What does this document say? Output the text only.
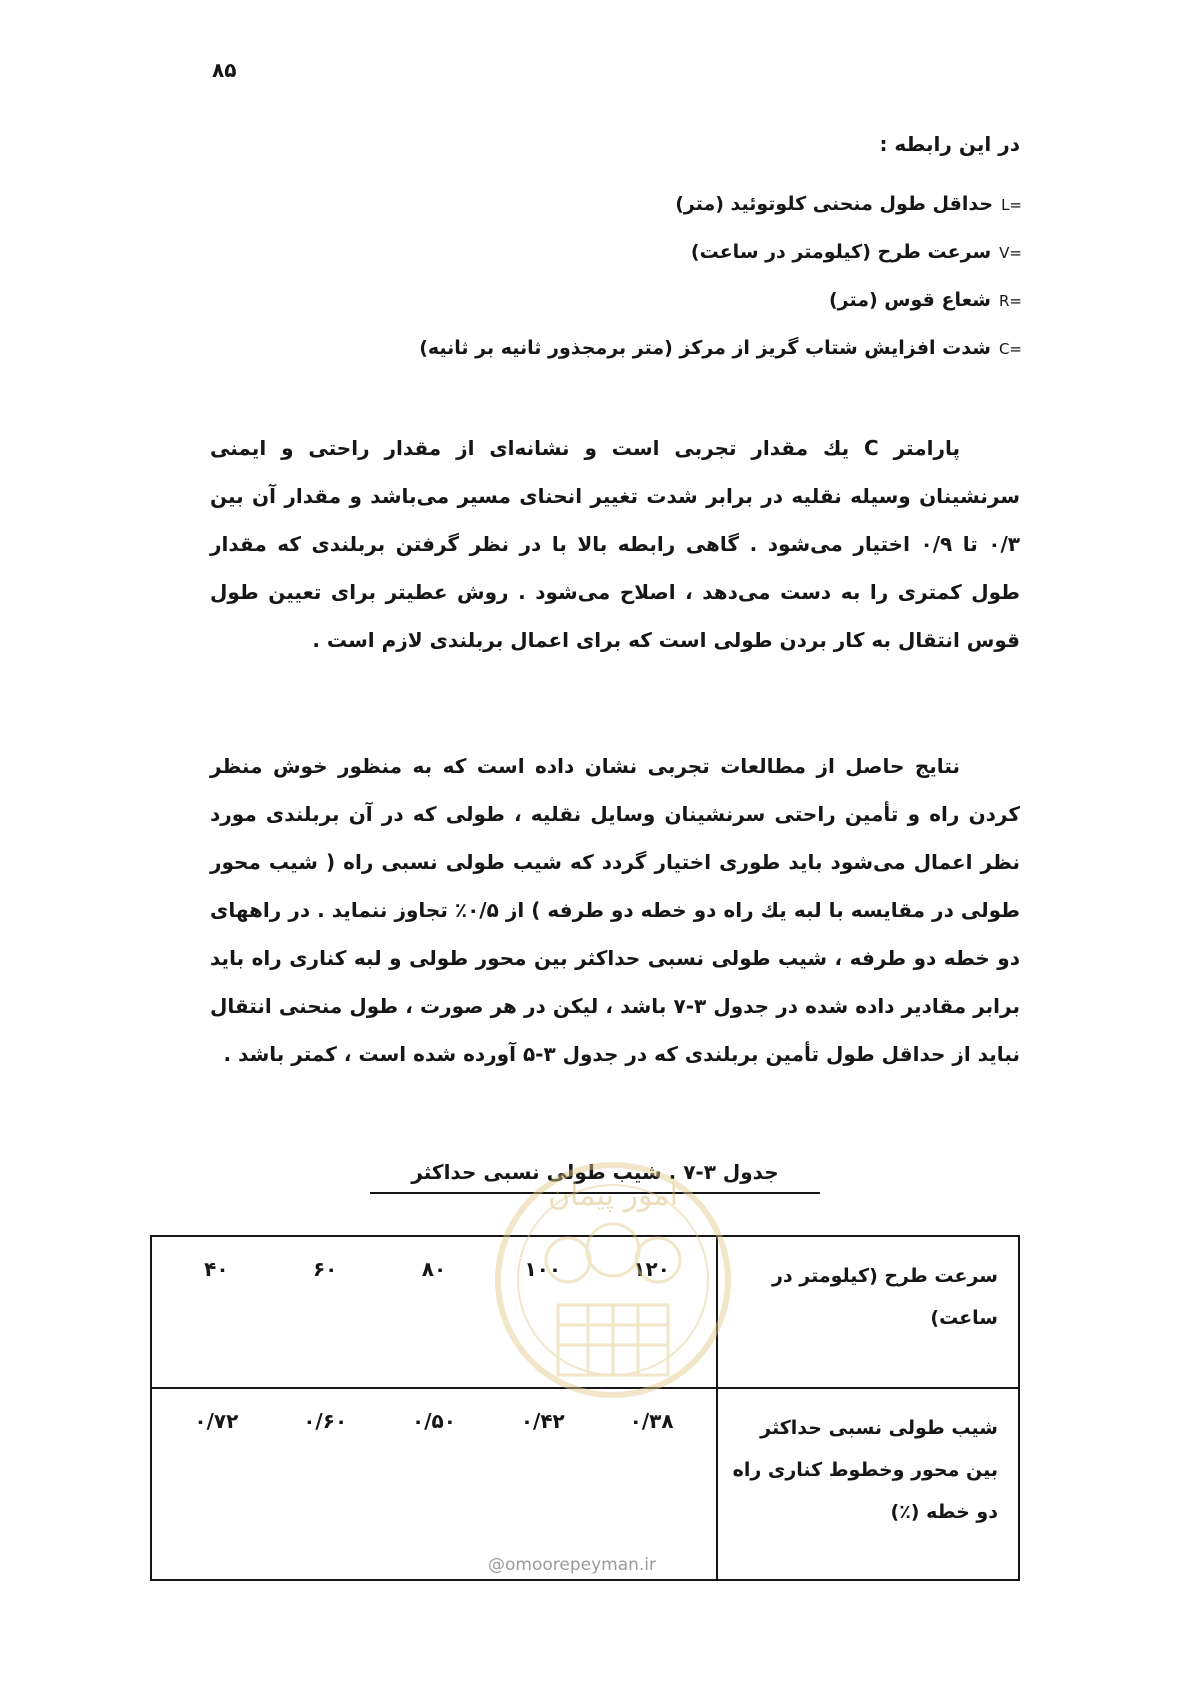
۸۵
در این رابطه :
L=حداقل طول منحنی کلوتوئید (متر)
V=سرعت طرح (کیلومتر در ساعت)
R=شعاع قوس (متر)
C=شدت افزایش شتاب گریز از مرکز (متر برمجذور ثانیه بر ثانیه)

پارامتر C یك مقدار تجربی است و نشانه‌ای از مقدار راحتی و ایمنی سرنشینان وسیله نقلیه در برابر شدت تغییر انحنای مسیر می‌باشد و مقدار آن بین ۰/۳ تا ۰/۹ اختیار می‌شود . گاهی رابطه بالا با در نظر گرفتن بربلندی که مقدار طول کمتری را به دست می‌دهد ، اصلاح می‌شود . روش عطیتر برای تعیین طول قوس انتقال به کار بردن طولی است که برای اعمال بربلندی لازم است .

نتایج حاصل از مطالعات تجربی نشان داده است که به منظور خوش منظر کردن راه و تأمین راحتی سرنشینان وسایل نقلیه ، طولی که در آن بربلندی مورد نظر اعمال می‌شود باید طوری اختیار گردد که شیب طولی نسبی راه ( شیب محور طولی در مقایسه با لبه یك راه دو خطه دو طرفه ) از ۰/۵٪ تجاوز ننماید . در راههای دو خطه دو طرفه ، شیب طولی نسبی حداکثر بین محور طولی و لبه کناری راه باید برابر مقادیر داده شده در جدول ۳-۷ باشد ، لیکن در هر صورت ، طول منحنی انتقال نباید از حداقل طول تأمین بربلندی که در جدول ۳-۵ آورده شده است ، کمتر باشد .

جدول ۳-۷ . شیب طولی نسبی حداکثر
سرعت طرح (کیلومتر در ساعت)	۴۰ ۶۰ ۸۰ ۱۰۰ ۱۲۰

شیب طولی نسبی حداکثر بین محور وخطوط کناری راه دو خطه (٪)	۰/۷۲ ۰/۶۰ ۰/۵۰ ۰/۴۲ ۰/۳۸
امور پیمان
@omoorepeyman.ir
